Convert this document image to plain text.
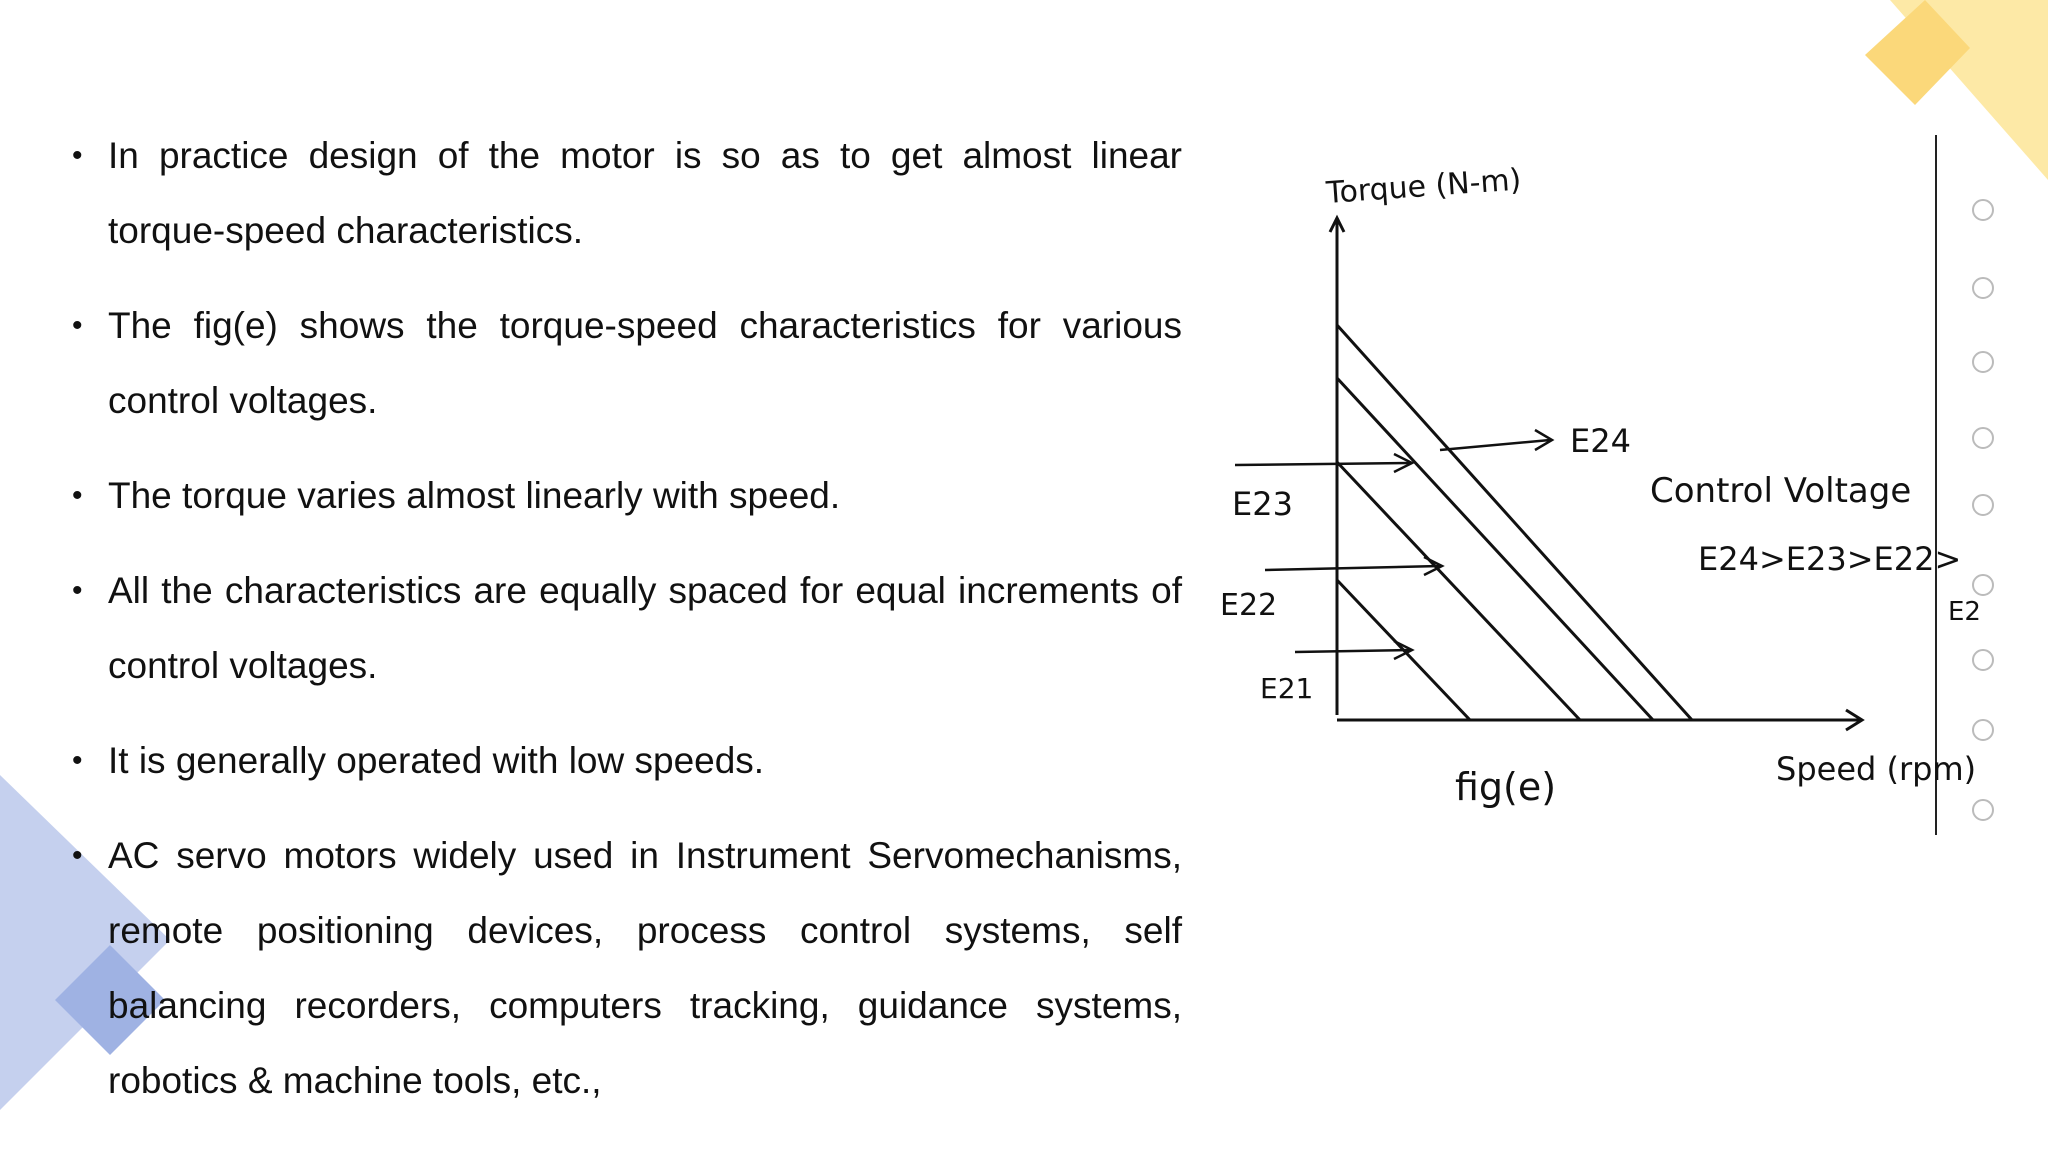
• In practice design of the motor is so as to get almost linear torque-speed characteristics.
• The fig(e) shows the torque-speed characteristics for various control voltages.
• The torque varies almost linearly with speed.
• All the characteristics are equally spaced for equal increments of control voltages.
• It is generally operated with low speeds.
• AC servo motors widely used in Instrument Servomechanisms, remote positioning devices, process control systems, self balancing recorders, computers tracking, guidance systems, robotics & machine tools, etc.,
Torque (N-m)
E24
E23
E22
E21
Control Voltage
E24>E23>E22>
E2
Speed (rpm)
fig(e)
